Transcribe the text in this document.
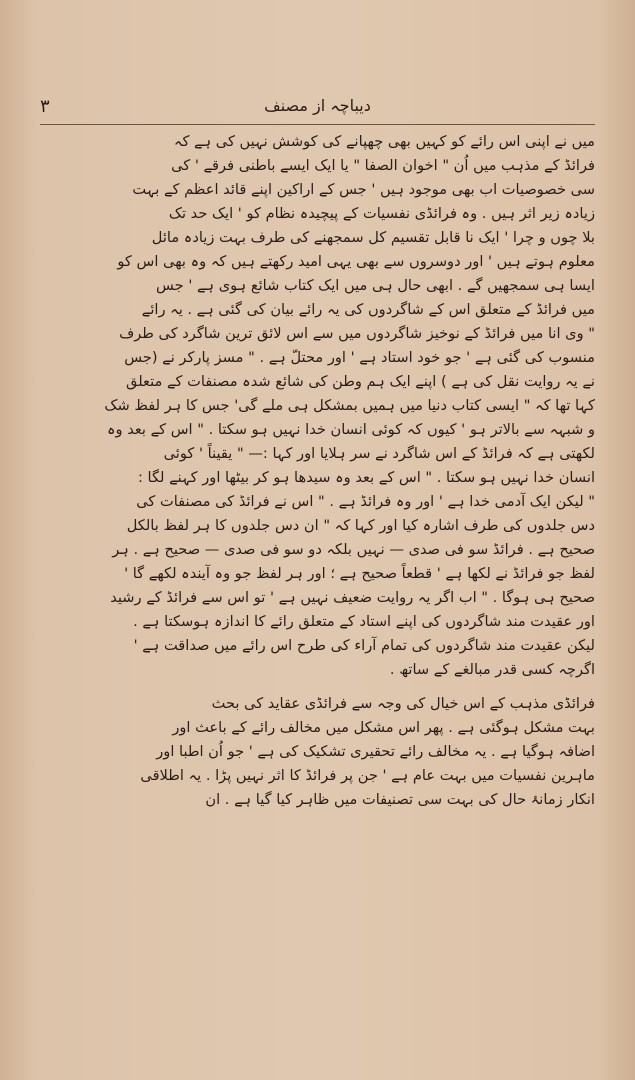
۳	دیباچہ از مصنف

میں نے اپنی اس رائے کو کہیں بھی چھپانے کی کوشش نہیں کی ہے کہ
فرائڈ کے مذہب میں اُن " اخوان الصفا " یا ایک ایسے باطنی فرقے ' کی
سی خصوصیات اب بھی موجود ہیں ' جس کے اراکین اپنے قائد اعظم کے بہت
زیادہ زیر اثر ہیں . وہ فرائڈی نفسیات کے پیچیدہ نظام کو ' ایک حد تک
بلا چوں و چرا ' ایک نا قابل تقسیم کل سمجھنے کی طرف بہت زیادہ مائل
معلوم ہوتے ہیں ' اور دوسروں سے بھی یہی امید رکھتے ہیں کہ وہ بھی اس کو
ایسا ہی سمجھیں گے . ابھی حال ہی میں ایک کتاب شائع ہوی ہے ' جس
میں فرائڈ کے متعلق اس کے شاگردوں کی یہ رائے بیان کی گئی ہے . یہ رائے
" وی انا میں فرائڈ کے نوخیز شاگردوں میں سے اس لائق ترین شاگرد کی طرف
منسوب کی گئی ہے ' جو خود استاد ہے ' اور محتلّ ہے . " مسز پارکر نے (جس
نے یہ روایت نقل کی ہے ) اپنے ایک ہم وطن کی شائع شدہ مصنفات کے متعلق
کہا تھا کہ " ایسی کتاب دنیا میں ہمیں بمشکل ہی ملے گی' جس کا ہر لفظ شک
و شبہہ سے بالاتر ہو ' کیوں کہ کوئی انسان خدا نہیں ہو سکتا . " اس کے بعد وہ
لکھتی ہے کہ فرائڈ کے اس شاگرد نے سر ہلایا اور کہا :— " یقیناً ' کوئی
انسان خدا نہیں ہو سکتا . " اس کے بعد وہ سیدھا ہو کر بیٹھا اور کہنے لگا :
" لیکن ایک آدمی خدا ہے ' اور وہ فرائڈ ہے . " اس نے فرائڈ کی مصنفات کی
دس جلدوں کی طرف اشارہ کیا اور کہا کہ " ان دس جلدوں کا ہر لفظ بالکل
صحیح ہے . فرائڈ سو فی صدی — نہیں بلکہ دو سو فی صدی — صحیح ہے . ہر
لفظ جو فرائڈ نے لکھا ہے ' قطعاً صحیح ہے ؛ اور ہر لفظ جو وہ آیندہ لکھے گا '
صحیح ہی ہوگا . " اب اگر یہ روایت ضعیف نہیں ہے ' تو اس سے فرائڈ کے رشید
اور عقیدت مند شاگردوں کی اپنے استاد کے متعلق رائے کا اندازہ ہوسکتا ہے .
لیکن عقیدت مند شاگردوں کی تمام آراء کی طرح اس رائے میں صداقت ہے '
اگرچہ کسی قدر مبالغے کے ساتھ .

فرائڈی مذہب کے اس خیال کی وجہ سے فرائڈی عقاید کی بحث
بہت مشکل ہوگئی ہے . پھر اس مشکل میں مخالف رائے کے باعث اور
اضافہ ہوگیا ہے . یہ مخالف رائے تحقیری تشکیک کی ہے ' جو اُن اطبا اور
ماہرین نفسیات میں بہت عام ہے ' جن پر فرائڈ کا اثر نہیں پڑا . یہ اطلاقی
انکار زمانۂ حال کی بہت سی تصنیفات میں ظاہر کیا گیا ہے . ان
